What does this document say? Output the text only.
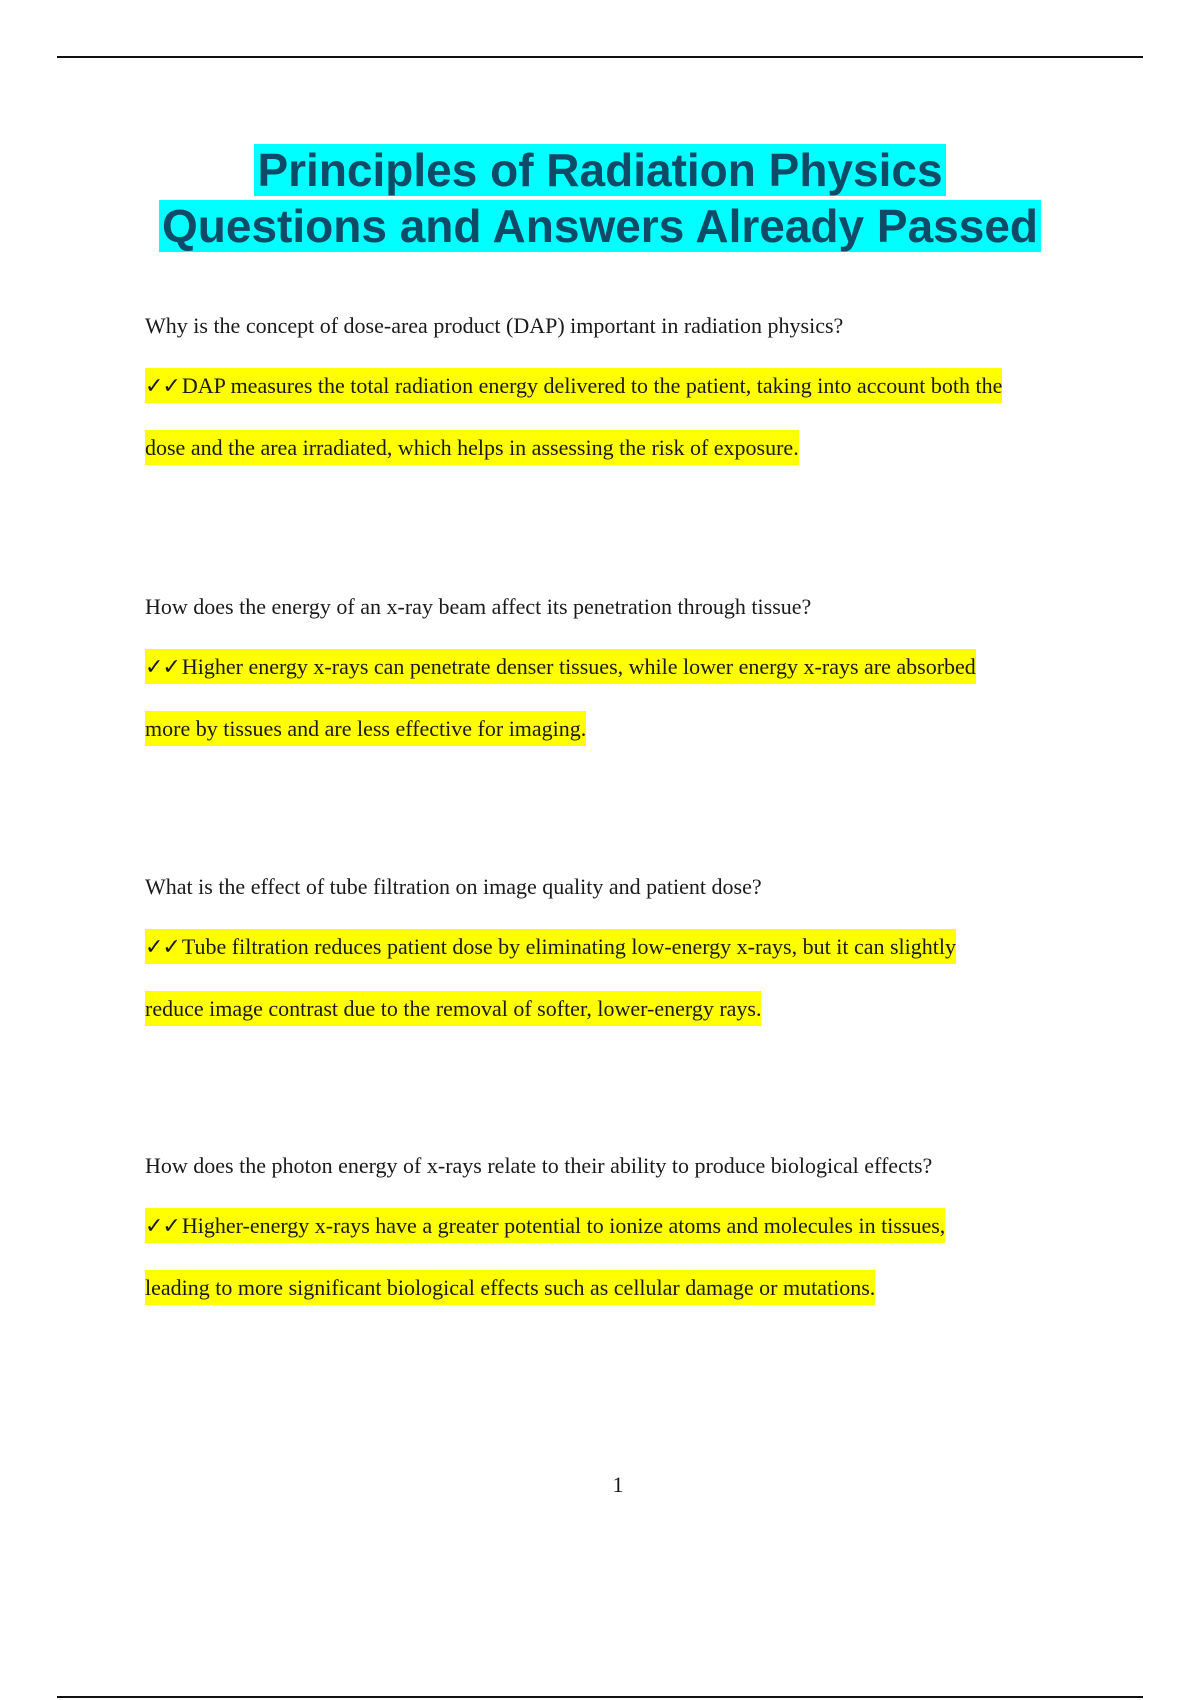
Principles of Radiation Physics
Questions and Answers Already Passed

Why is the concept of dose-area product (DAP) important in radiation physics?

✓✓DAP measures the total radiation energy delivered to the patient, taking into account both the
dose and the area irradiated, which helps in assessing the risk of exposure.

How does the energy of an x-ray beam affect its penetration through tissue?

✓✓Higher energy x-rays can penetrate denser tissues, while lower energy x-rays are absorbed
more by tissues and are less effective for imaging.

What is the effect of tube filtration on image quality and patient dose?

✓✓Tube filtration reduces patient dose by eliminating low-energy x-rays, but it can slightly
reduce image contrast due to the removal of softer, lower-energy rays.

How does the photon energy of x-rays relate to their ability to produce biological effects?

✓✓Higher-energy x-rays have a greater potential to ionize atoms and molecules in tissues,
leading to more significant biological effects such as cellular damage or mutations.

1
